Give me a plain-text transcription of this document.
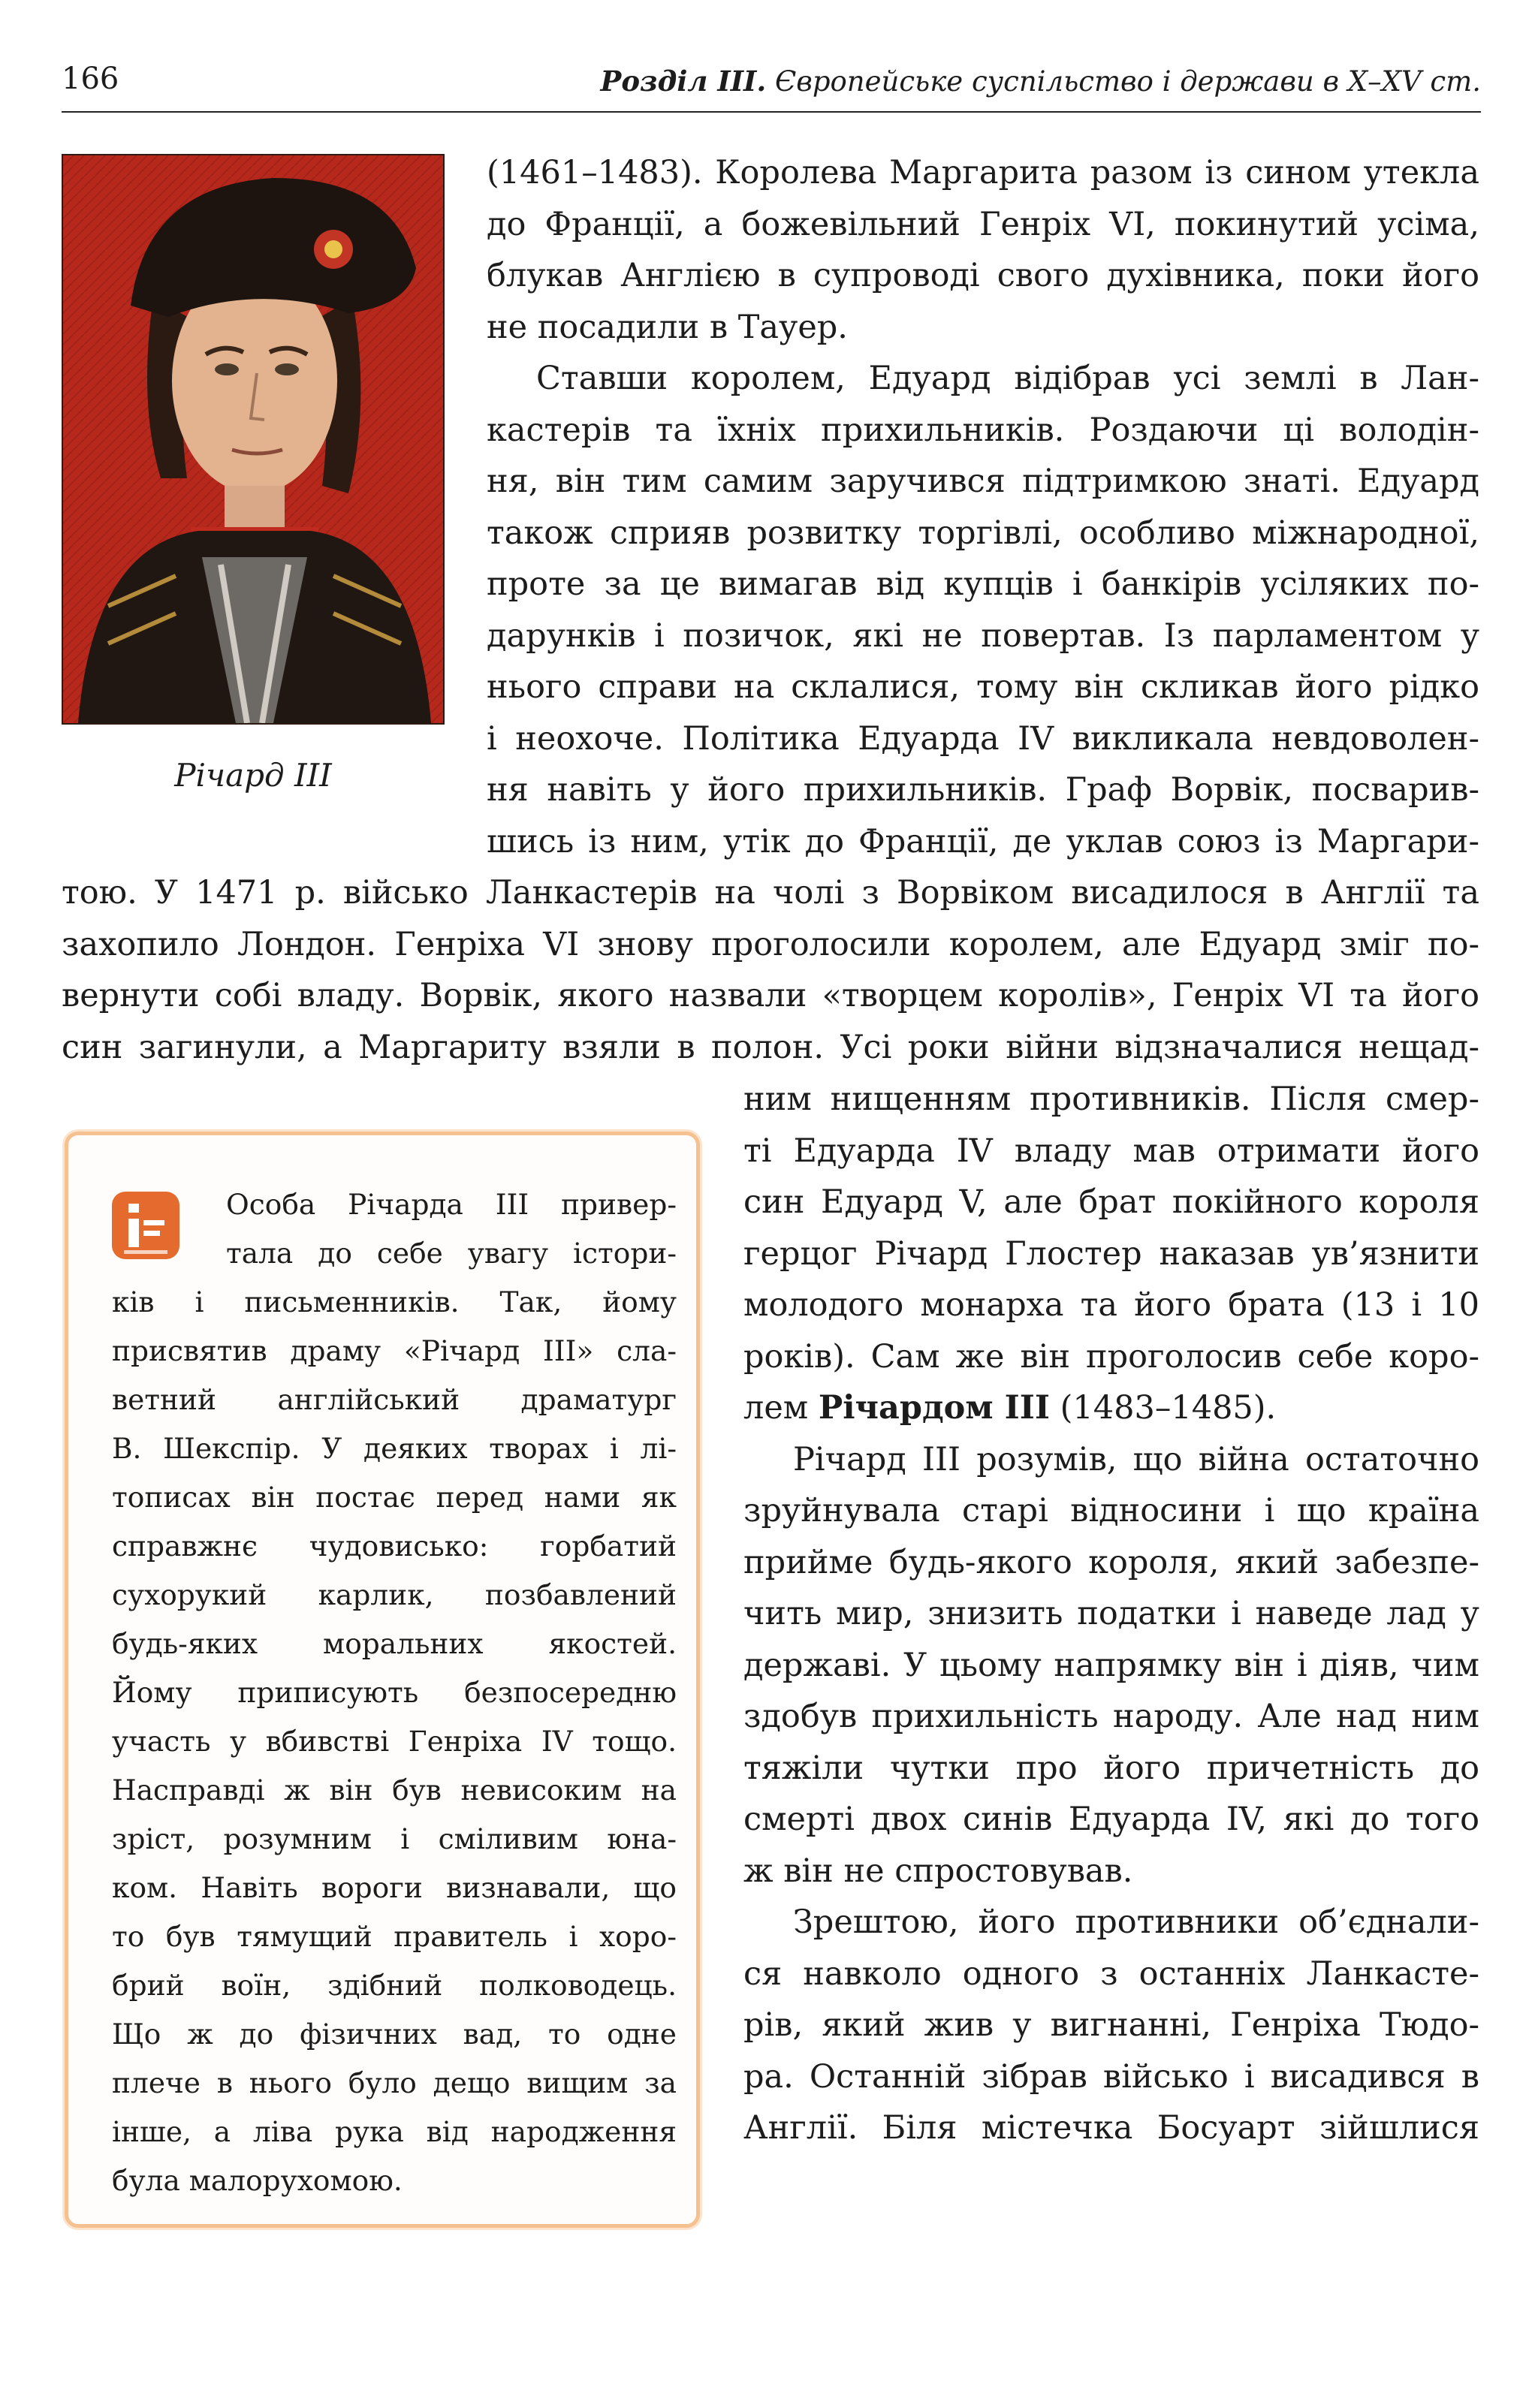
166	Розділ ІІІ. Європейське суспільство і держави в Х–ХV ст.
Річард ІІІ
(1461–1483). Королева Маргарита разом із сином утекла
до Франції, а божевільний Генріх VI, покинутий усіма,
блукав Англією в супроводі свого духівника, поки його
не посадили в Тауер.
Ставши королем, Едуард відібрав усі землі в Лан-
кастерів та їхніх прихильників. Роздаючи ці володін-
ня, він тим самим заручився підтримкою знаті. Едуард
також сприяв розвитку торгівлі, особливо міжнародної,
проте за це вимагав від купців і банкірів усіляких по-
дарунків і позичок, які не повертав. Із парламентом у
нього справи на склалися, тому він скликав його рідко
і неохоче. Політика Едуарда IV викликала невдоволен-
ня навіть у його прихильників. Граф Ворвік, посварив-
шись із ним, утік до Франції, де уклав союз із Маргари-
тою. У 1471 р. військо Ланкастерів на чолі з Ворвіком висадилося в Англії та
захопило Лондон. Генріха VI знову проголосили королем, але Едуард зміг по-
вернути собі владу. Ворвік, якого назвали «творцем королів», Генріх VI та його
син загинули, а Маргариту взяли в полон. Усі роки війни відзначалися нещад-
ним нищенням противників. Після смер-
ті Едуарда IV владу мав отримати його
син Едуард V, але брат покійного короля
герцог Річард Глостер наказав ув’язнити
молодого монарха та його брата (13 і 10
років). Сам же він проголосив себе коро-
лем Річардом ІІІ (1483–1485).
Річард ІІІ розумів, що війна остаточно
зруйнувала старі відносини і що країна
прийме будь-якого короля, який забезпе-
чить мир, знизить податки і наведе лад у
державі. У цьому напрямку він і діяв, чим
здобув прихильність народу. Але над ним
тяжіли чутки про його причетність до
смерті двох синів Едуарда IV, які до того
ж він не спростовував.
Зрештою, його противники об’єднали-
ся навколо одного з останніх Ланкасте-
рів, який жив у вигнанні, Генріха Тюдо-
ра. Останній зібрав військо і висадився в
Англії. Біля містечка Босуарт зійшлися
Особа Річарда ІІІ привер-
тала до себе увагу істори-
ків і письменників. Так, йому
присвятив драму «Річард ІІІ» сла-
ветний англійський драматург
В. Шекспір. У деяких творах і лі-
тописах він постає перед нами як
справжнє чудовисько: горбатий
сухорукий карлик, позбавлений
будь-яких моральних якостей.
Йому приписують безпосередню
участь у вбивстві Генріха IV тощо.
Насправді ж він був невисоким на
зріст, розумним і сміливим юна-
ком. Навіть вороги визнавали, що
то був тямущий правитель і хоро-
брий воїн, здібний полководець.
Що ж до фізичних вад, то одне
плече в нього було дещо вищим за
інше, а ліва рука від народження
була малорухомою.
